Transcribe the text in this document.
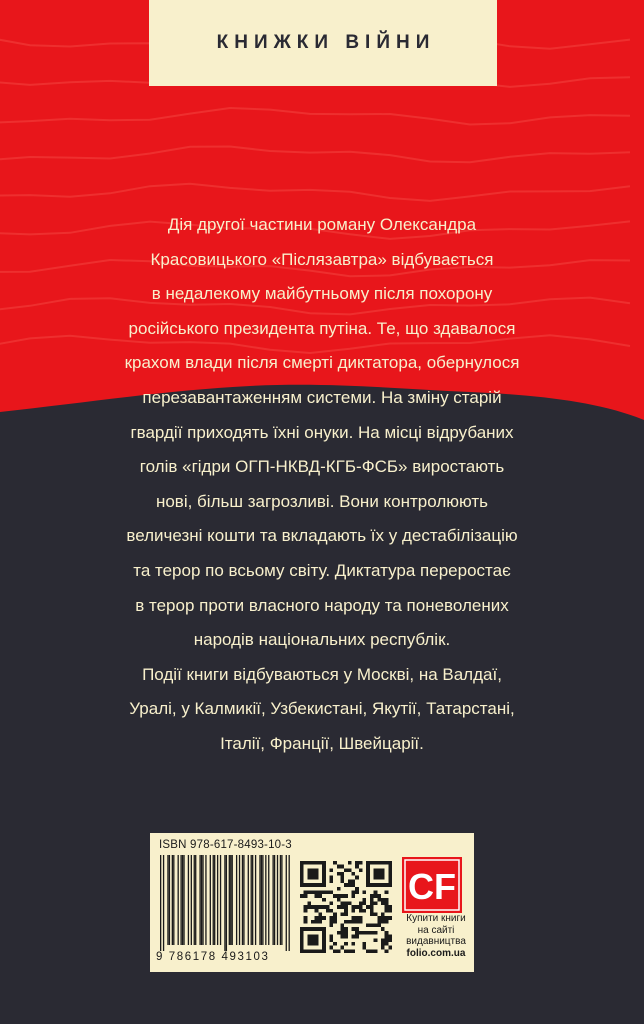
КНИЖКИ ВІЙНИ
Дія другої частини роману Олександра
Красовицького «Післязавтра» відбувається
в недалекому майбутньому після похорону
російського президента путіна. Те, що здавалося
крахом влади після смерті диктатора, обернулося
перезавантаженням системи. На зміну старій
гвардії приходять їхні онуки. На місці відрубаних
голів «гідри ОГП-НКВД-КГБ-ФСБ» виростають
нові, більш загрозливі. Вони контролюють
величезні кошти та вкладають їх у дестабілізацію
та терор по всьому світу. Диктатура переростає
в терор проти власного народу та поневолених
народів національних республік.
Події книги відбуваються у Москві, на Валдаї,
Уралі, у Калмикії, Узбекистані, Якутії, Татарстані,
Італії, Франції, Швейцарії.
ISBN 978-617-8493-10-3
9 786178 493103
CF
Купити книги
на сайті
видавництва
folio.com.ua
